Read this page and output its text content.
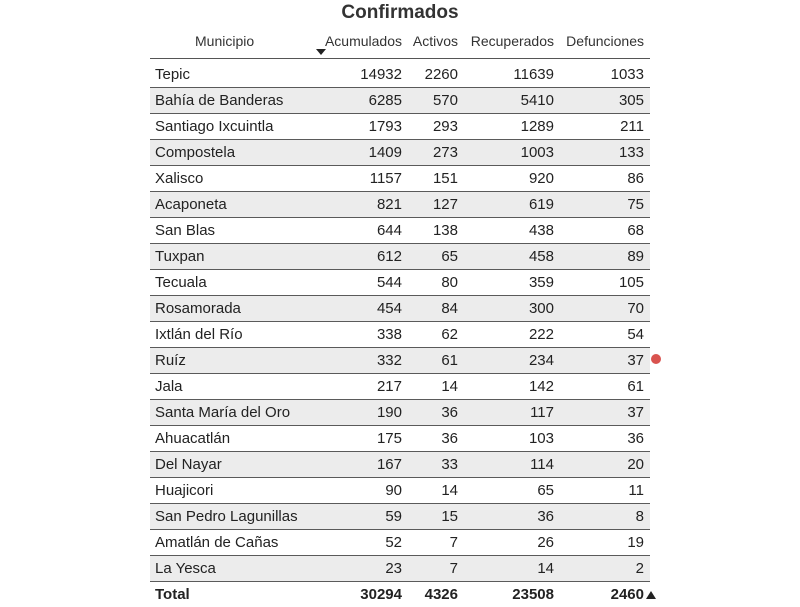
Confirmados
Municipio	Acumulados Activos Recuperados Defunciones
Tepic	14932 2260	11639	1033
Bahía de Banderas	6285 570	5410	305
Santiago Ixcuintla	1793 293	1289	211
Compostela	1409 273	1003	133
Xalisco	1157 151	920	86
Acaponeta	821 127	619	75
San Blas	644 138	438	68
Tuxpan	612	65	458	89
Tecuala	544	80	359	105
Rosamorada	454	84	300	70
Ixtlán del Río	338	62	222	54
Ruíz	332	61	234	37
Jala	217	14	142	61
Santa María del Oro	190	36	117	37
Ahuacatlán	175	36	103	36
Del Nayar	167	33	114	20
Huajicori	90	14	65	11
San Pedro Lagunillas	59	15	36	8
Amatlán de Cañas	52	7	26	19
La Yesca	23	7	14	2
Total	30294 4326	23508	2460
